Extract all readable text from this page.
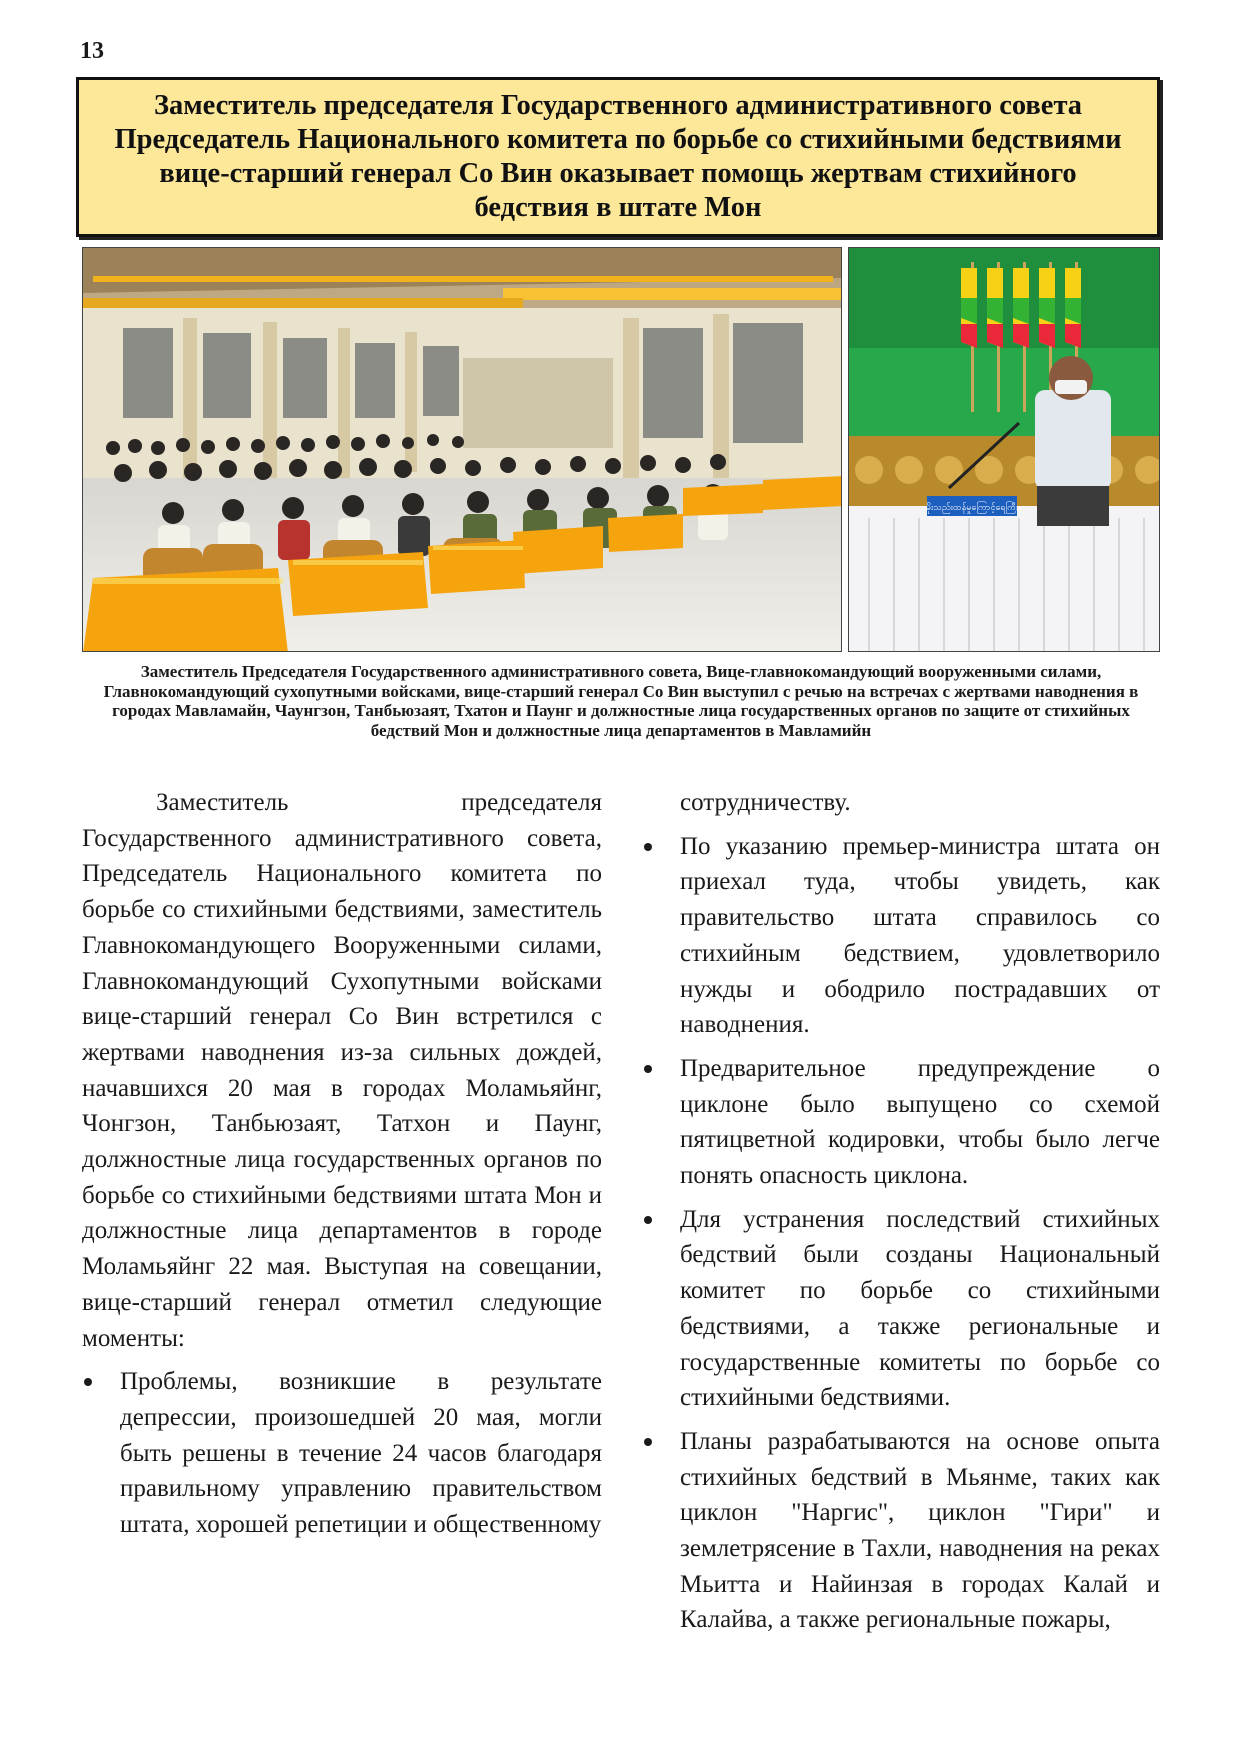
13
Заместитель председателя Государственного административного совета Председатель Национального комитета по борьбе со стихийными бедствиями вице-старший генерал Со Вин оказывает помощь жертвам стихийного бедствия в штате Мон
မိုးသည်းထန်မှုကြောင့်ရေကြီး
Заместитель Председателя Государственного административного совета, Вице-главнокомандующий вооруженными силами, Главнокомандующий сухопутными войсками, вице-старший генерал Со Вин выступил с речью на встречах с жертвами наводнения в городах Мавламайн, Чаунгзон, Танбьюзаят, Тхатон и Паунг и должностные лица государственных органов по защите от стихийных бедствий Мон и должностные лица департаментов в Мавламийн

Заместитель председателя Государственного административного совета, Председатель Национального комитета по борьбе со стихийными бедствиями, заместитель Главнокомандующего Вооруженными силами, Главнокомандующий Сухопутными войсками вице-старший генерал Со Вин встретился с жертвами наводнения из-за сильных дождей, начавшихся 20 мая в городах Моламьяйнг, Чонгзон, Танбьюзаят, Татхон и Паунг, должностные лица государственных органов по борьбе со стихийными бедствиями штата Мон и должностные лица департаментов в городе Моламьяйнг 22 мая. Выступая на совещании, вице-старший генерал отметил следующие моменты:

Проблемы, возникшие в результате депрессии, произошедшей 20 мая, могли быть решены в течение 24 часов благодаря правильному управлению правительством штата, хорошей репетиции и общественному

сотрудничеству.

По указанию премьер-министра штата он приехал туда, чтобы увидеть, как правительство штата справилось со стихийным бедствием, удовлетворило нужды и ободрило пострадавших от наводнения.
Предварительное предупреждение о циклоне было выпущено со схемой пятицветной кодировки, чтобы было легче понять опасность циклона.
Для устранения последствий стихийных бедствий были созданы Национальный комитет по борьбе со стихийными бедствиями, а также региональные и государственные комитеты по борьбе со стихийными бедствиями.
Планы разрабатываются на основе опыта стихийных бедствий в Мьянме, таких как циклон "Наргис", циклон "Гири" и землетрясение в Тахли, наводнения на реках Мьитта и Найинзая в городах Калай и Калайва, а также региональные пожары,
